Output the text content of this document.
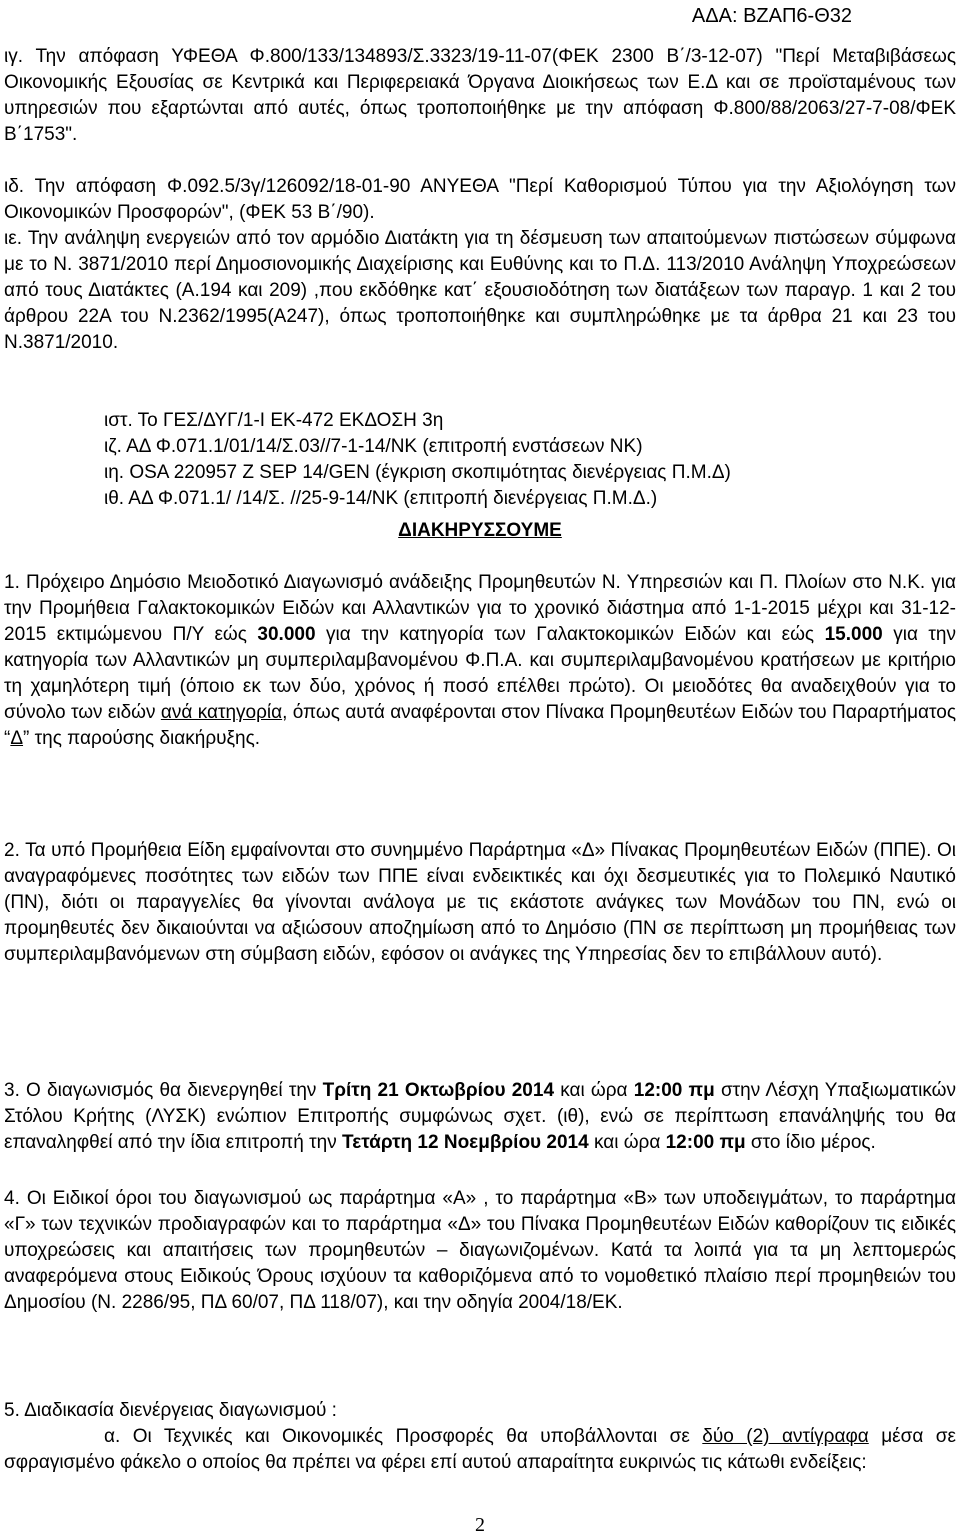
ΑΔΑ: ΒΖΑΠ6-Θ32
ιγ. Την απόφαση ΥΦΕΘΑ Φ.800/133/134893/Σ.3323/19-11-07(ΦΕΚ 2300 Β΄/3-12-07) "Περί Μεταβιβάσεως Οικονομικής Εξουσίας σε Κεντρικά και Περιφερειακά Όργανα Διοικήσεως των Ε.Δ και σε προϊσταμένους των υπηρεσιών που εξαρτώνται από αυτές, όπως τροποποιήθηκε με την απόφαση Φ.800/88/2063/27-7-08/ΦΕΚ Β΄1753".
ιδ. Την απόφαση Φ.092.5/3γ/126092/18-01-90 ΑΝΥΕΘΑ "Περί Καθορισμού Τύπου για την Αξιολόγηση των Οικονομικών Προσφορών", (ΦΕΚ 53 Β΄/90).
ιε. Την ανάληψη ενεργειών από τον αρμόδιο Διατάκτη για τη δέσμευση των απαιτούμενων πιστώσεων σύμφωνα με το Ν. 3871/2010 περί Δημοσιονομικής Διαχείρισης και Ευθύνης και το Π.Δ. 113/2010 Ανάληψη Υποχρεώσεων από τους Διατάκτες (Α.194 και 209) ,που εκδόθηκε κατ΄ εξουσιοδότηση των διατάξεων των παραγρ. 1 και 2 του άρθρου 22Α του Ν.2362/1995(Α247), όπως τροποποιήθηκε και συμπληρώθηκε με τα άρθρα 21 και 23 του Ν.3871/2010.
ιστ. Το ΓΕΣ/ΔΥΓ/1-Ι ΕΚ-472 ΕΚΔΟΣΗ 3η
ιζ. ΑΔ Φ.071.1/01/14/Σ.03//7-1-14/ΝΚ (επιτροπή ενστάσεων ΝΚ)
ιη. OSA 220957 Z SEP 14/GEN (έγκριση σκοπιμότητας διενέργειας Π.Μ.Δ)
ιθ. ΑΔ Φ.071.1/ /14/Σ. //25-9-14/ΝΚ (επιτροπή διενέργειας Π.Μ.Δ.)
ΔΙΑΚΗΡΥΣΣΟΥΜΕ
1. Πρόχειρο Δημόσιο Μειοδοτικό Διαγωνισμό ανάδειξης Προμηθευτών Ν. Υπηρεσιών και Π. Πλοίων στο Ν.Κ. για την Προμήθεια Γαλακτοκομικών Ειδών και Αλλαντικών για το χρονικό διάστημα από 1-1-2015 μέχρι και 31-12-2015 εκτιμώμενου Π/Υ εώς 30.000 για την κατηγορία των Γαλακτοκομικών Ειδών και εώς 15.000 για την κατηγορία των Αλλαντικών μη συμπεριλαμβανομένου Φ.Π.Α. και συμπεριλαμβανομένου κρατήσεων με κριτήριο τη χαμηλότερη τιμή (όποιο εκ των δύο, χρόνος ή ποσό επέλθει πρώτο). Οι μειοδότες θα αναδειχθούν για το σύνολο των ειδών ανά κατηγορία, όπως αυτά αναφέρονται στον Πίνακα Προμηθευτέων Ειδών του Παραρτήματος “Δ” της παρούσης διακήρυξης.
2. Τα υπό Προμήθεια Είδη εμφαίνονται στο συνημμένο Παράρτημα «Δ» Πίνακας Προμηθευτέων Ειδών (ΠΠΕ). Οι αναγραφόμενες ποσότητες των ειδών των ΠΠΕ είναι ενδεικτικές και όχι δεσμευτικές για το Πολεμικό Ναυτικό (ΠΝ), διότι οι παραγγελίες θα γίνονται ανάλογα με τις εκάστοτε ανάγκες των Μονάδων του ΠΝ, ενώ οι προμηθευτές δεν δικαιούνται να αξιώσουν αποζημίωση από το Δημόσιο (ΠΝ σε περίπτωση μη προμήθειας των συμπεριλαμβανόμενων στη σύμβαση ειδών, εφόσον οι ανάγκες της Υπηρεσίας δεν το επιβάλλουν αυτό).
3. Ο διαγωνισμός θα διενεργηθεί την Τρίτη 21 Οκτωβρίου 2014 και ώρα 12:00 πμ στην Λέσχη Υπαξιωματικών Στόλου Κρήτης (ΛΥΣΚ) ενώπιον Επιτροπής συμφώνως σχετ. (ιθ), ενώ σε περίπτωση επανάληψής του θα επαναληφθεί από την ίδια επιτροπή την Τετάρτη 12 Νοεμβρίου 2014 και ώρα 12:00 πμ στο ίδιο μέρος.
4. Οι Ειδικοί όροι του διαγωνισμού ως παράρτημα «Α» , το παράρτημα «Β» των υποδειγμάτων, το παράρτημα «Γ» των τεχνικών προδιαγραφών και το παράρτημα «Δ» του Πίνακα Προμηθευτέων Ειδών καθορίζουν τις ειδικές υποχρεώσεις και απαιτήσεις των προμηθευτών – διαγωνιζομένων. Κατά τα λοιπά για τα μη λεπτομερώς αναφερόμενα στους Ειδικούς Όρους ισχύουν τα καθοριζόμενα από το νομοθετικό πλαίσιο περί προμηθειών του Δημοσίου (Ν. 2286/95, ΠΔ 60/07, ΠΔ 118/07), και την οδηγία 2004/18/ΕΚ.
5. Διαδικασία διενέργειας διαγωνισμού :
α. Οι Τεχνικές και Οικονομικές Προσφορές θα υποβάλλονται σε δύο (2) αντίγραφα μέσα σε σφραγισμένο φάκελο ο οποίος θα πρέπει να φέρει επί αυτού απαραίτητα ευκρινώς τις κάτωθι ενδείξεις:
2
